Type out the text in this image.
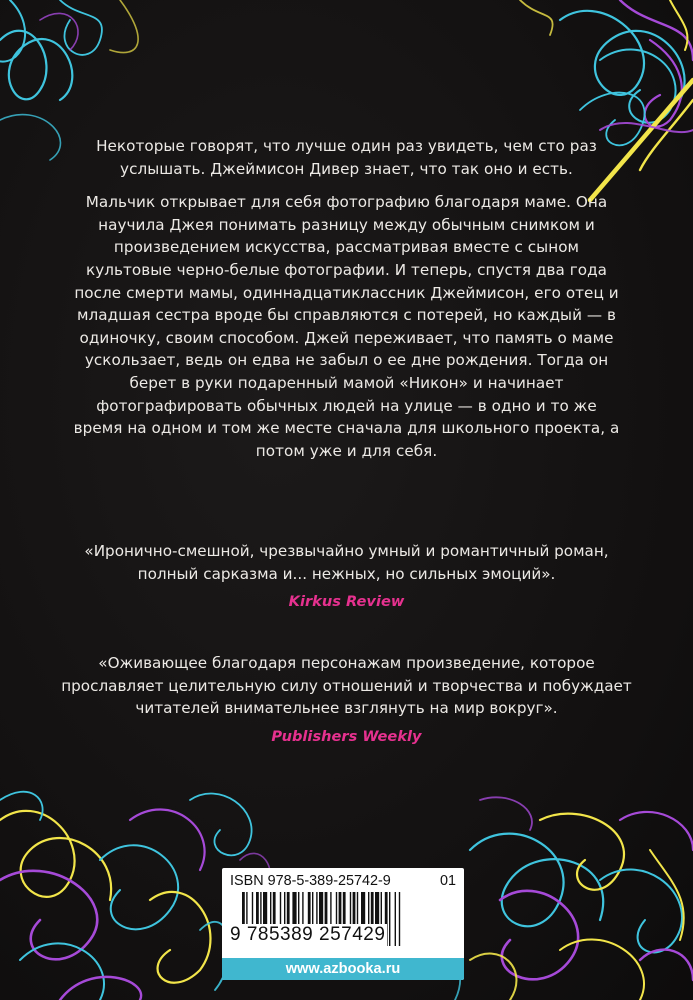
Некоторые говорят, что лучше один раз увидеть, чем сто раз услышать. Джеймисон Дивер знает, что так оно и есть.

Мальчик открывает для себя фотографию благодаря маме. Она научила Джея понимать разницу между обычным снимком и произведением искусства, рассматривая вместе с сыном культовые черно-белые фотографии. И теперь, спустя два года после смерти мамы, одиннадцатиклассник Джеймисон, его отец и младшая сестра вроде бы справляются с потерей, но каждый — в одиночку, своим способом. Джей переживает, что память о маме ускользает, ведь он едва не забыл о ее дне рождения. Тогда он берет в руки подаренный мамой «Никон» и начинает фотографировать обычных людей на улице — в одно и то же время на одном и том же месте сначала для школьного проекта, а потом уже и для себя.

«Иронично-смешной, чрезвычайно умный и романтичный роман, полный сарказма и... нежных, но сильных эмоций».
Kirkus Review
«Оживающее благодаря персонажам произведение, которое прославляет целительную силу отношений и творчества и побуждает читателей внимательнее взглянуть на мир вокруг».
Publishers Weekly
ISBN 978-5-389-25742-9	01
9 785389 257429
www.azbooka.ru
